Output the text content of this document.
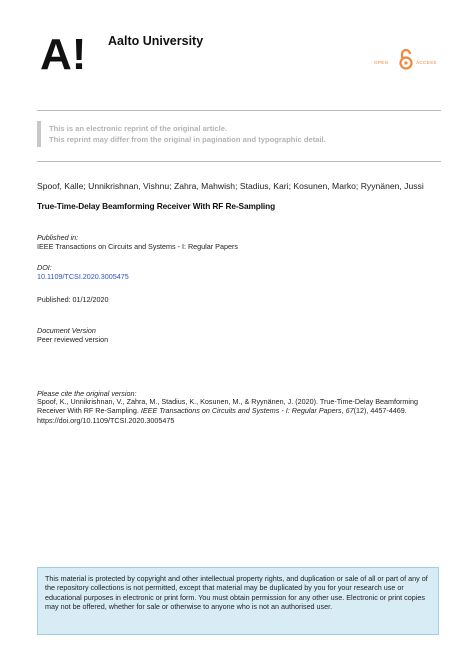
A! Aalto University
OPEN	ACCESS
This is an electronic reprint of the original article.
This reprint may differ from the original in pagination and typographic detail.
Spoof, Kalle; Unnikrishnan, Vishnu; Zahra, Mahwish; Stadius, Kari; Kosunen, Marko; Ryynänen, Jussi
True-Time-Delay Beamforming Receiver With RF Re-Sampling
Published in:
IEEE Transactions on Circuits and Systems - I: Regular Papers
DOI:
10.1109/TCSI.2020.3005475
Published: 01/12/2020
Document Version
Peer reviewed version
Please cite the original version:
Spoof, K., Unnikrishnan, V., Zahra, M., Stadius, K., Kosunen, M., & Ryynänen, J. (2020). True-Time-Delay Beamforming Receiver With RF Re-Sampling. IEEE Transactions on Circuits and Systems - I: Regular Papers, 67(12), 4457-4469. https://doi.org/10.1109/TCSI.2020.3005475
This material is protected by copyright and other intellectual property rights, and duplication or sale of all or part of any of the repository collections is not permitted, except that material may be duplicated by you for your research use or educational purposes in electronic or print form. You must obtain permission for any other use. Electronic or print copies may not be offered, whether for sale or otherwise to anyone who is not an authorised user.
